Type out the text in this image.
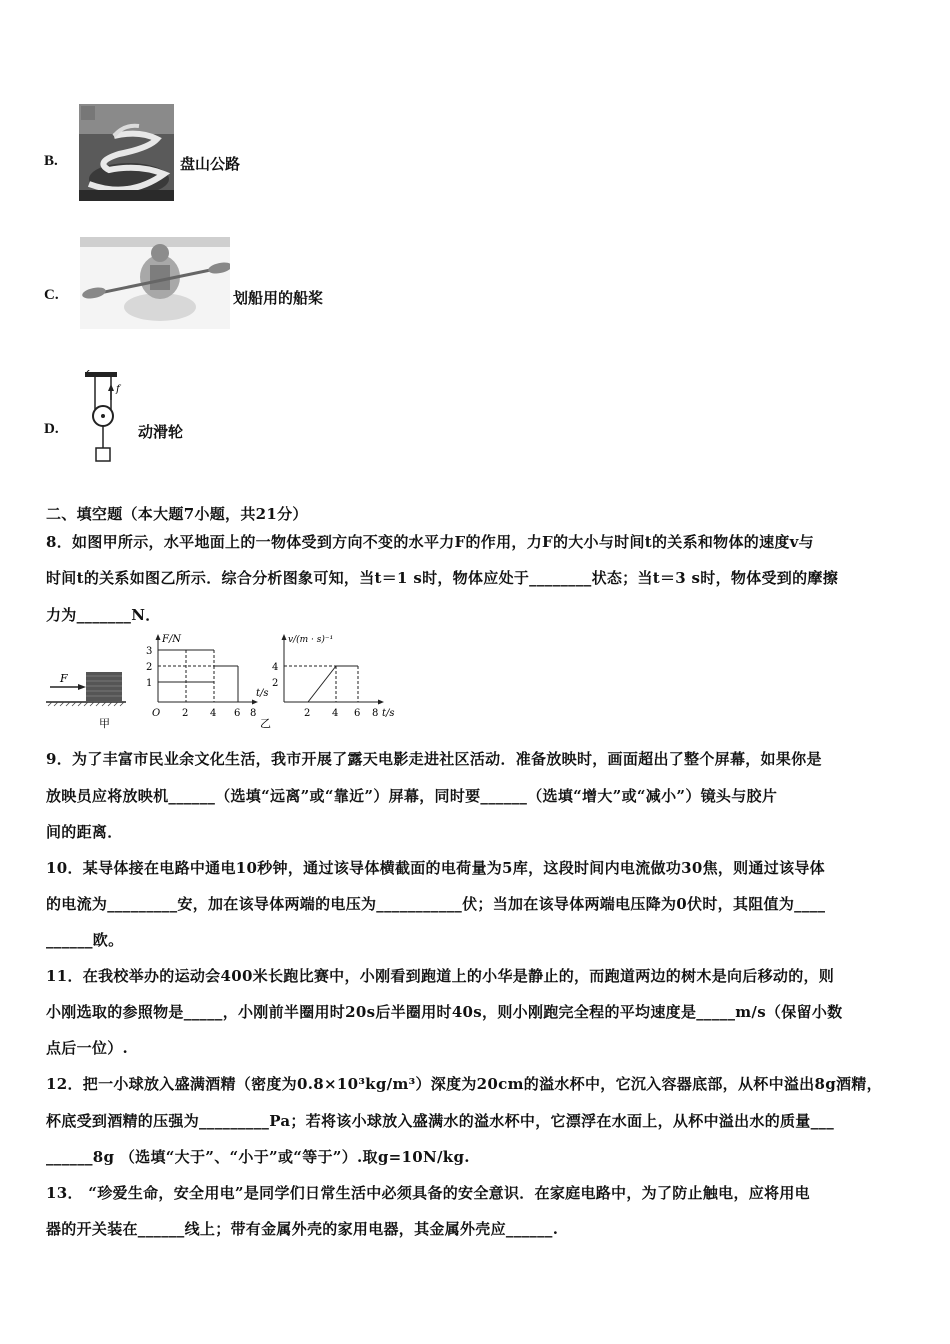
B.	盘山公路
C.	划船用的船桨
D.
f
动滑轮
二、填空题（本大题7小题，共21分）
8．如图甲所示，水平地面上的一物体受到方向不变的水平力F的作用，力F的大小与时间t的关系和物体的速度v与
时间t的关系如图乙所示．综合分析图象可知，当t＝1 s时，物体应处于________状态；当t＝3 s时，物体受到的摩擦
力为_______N．
F
甲
F/N
3
2
1
O 2 4 6 8
t/s
v/(m · s)⁻¹
4
2
2 4 6 8 t/s
乙
9．为了丰富市民业余文化生活，我市开展了露天电影走进社区活动．准备放映时，画面超出了整个屏幕，如果你是
放映员应将放映机______（选填“远离”或“靠近”）屏幕，同时要______（选填“增大”或“减小”）镜头与胶片
间的距离．
10．某导体接在电路中通电10秒钟，通过该导体横截面的电荷量为5库，这段时间内电流做功30焦，则通过该导体
的电流为_________安，加在该导体两端的电压为___________伏；当加在该导体两端电压降为0伏时，其阻值为____
______欧。
11．在我校举办的运动会400米长跑比赛中，小刚看到跑道上的小华是静止的，而跑道两边的树木是向后移动的，则
小刚选取的参照物是_____，小刚前半圈用时20s后半圈用时40s，则小刚跑完全程的平均速度是_____m/s（保留小数
点后一位）.
12．把一小球放入盛满酒精（密度为0.8×10³kg/m³）深度为20cm的溢水杯中，它沉入容器底部，从杯中溢出8g酒精，
杯底受到酒精的压强为_________Pa；若将该小球放入盛满水的溢水杯中，它漂浮在水面上，从杯中溢出水的质量___
______8g （选填“大于”、“小于”或“等于”）.取g=10N/kg.
13． “珍爱生命，安全用电”是同学们日常生活中必须具备的安全意识．在家庭电路中，为了防止触电，应将用电
器的开关装在______线上；带有金属外壳的家用电器，其金属外壳应______.
